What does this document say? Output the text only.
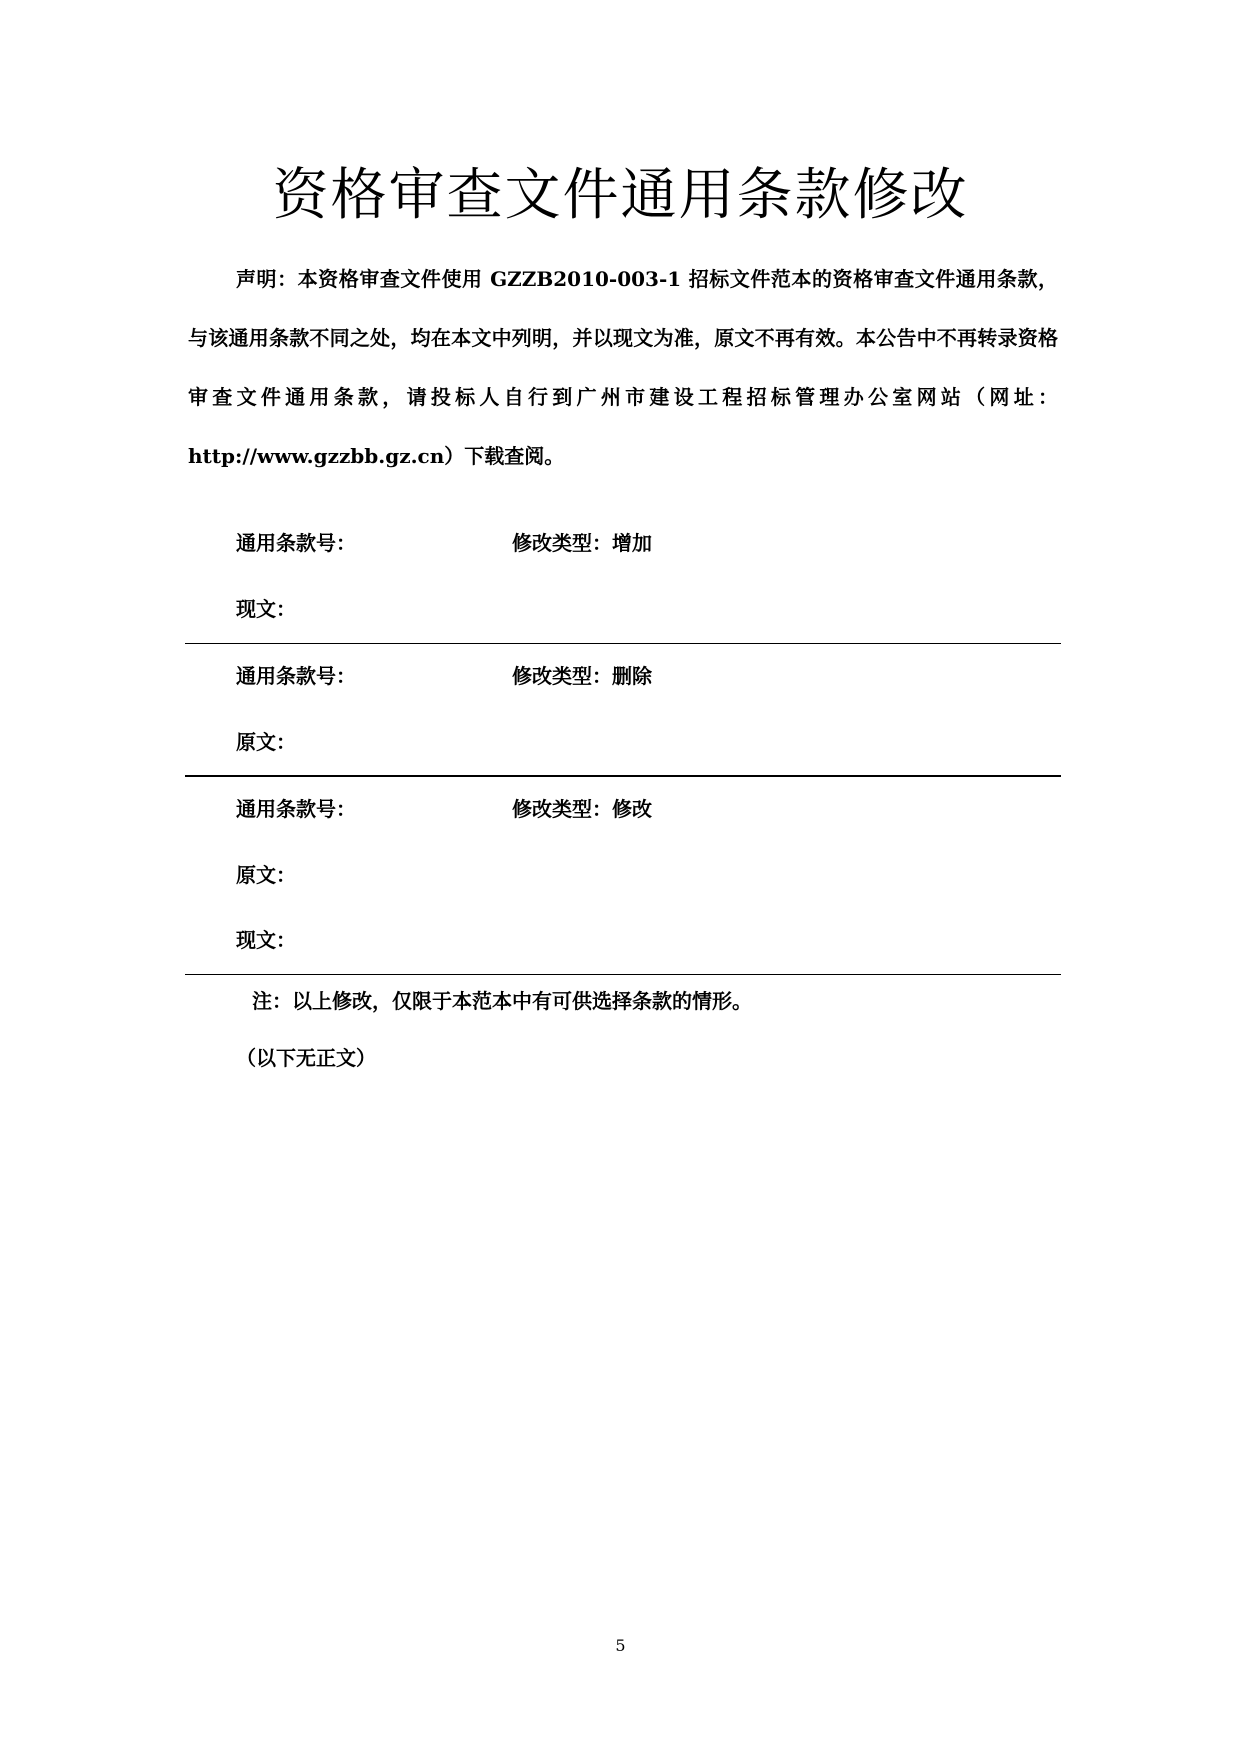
资格审查文件通用条款修改

声明：本资格审查文件使用 GZZB2010-003-1 招标文件范本的资格审查文件通用条款，与该通用条款不同之处，均在本文中列明，并以现文为准，原文不再有效。本公告中不再转录资格审查文件通用条款，请投标人自行到广州市建设工程招标管理办公室网站（网址：http://www.gzzbb.gz.cn）下载查阅。

通用条款号：	修改类型：增加
现文：
通用条款号：	修改类型：删除
原文：
通用条款号：	修改类型：修改
原文：
现文：
注：以上修改，仅限于本范本中有可供选择条款的情形。
（以下无正文）
5
